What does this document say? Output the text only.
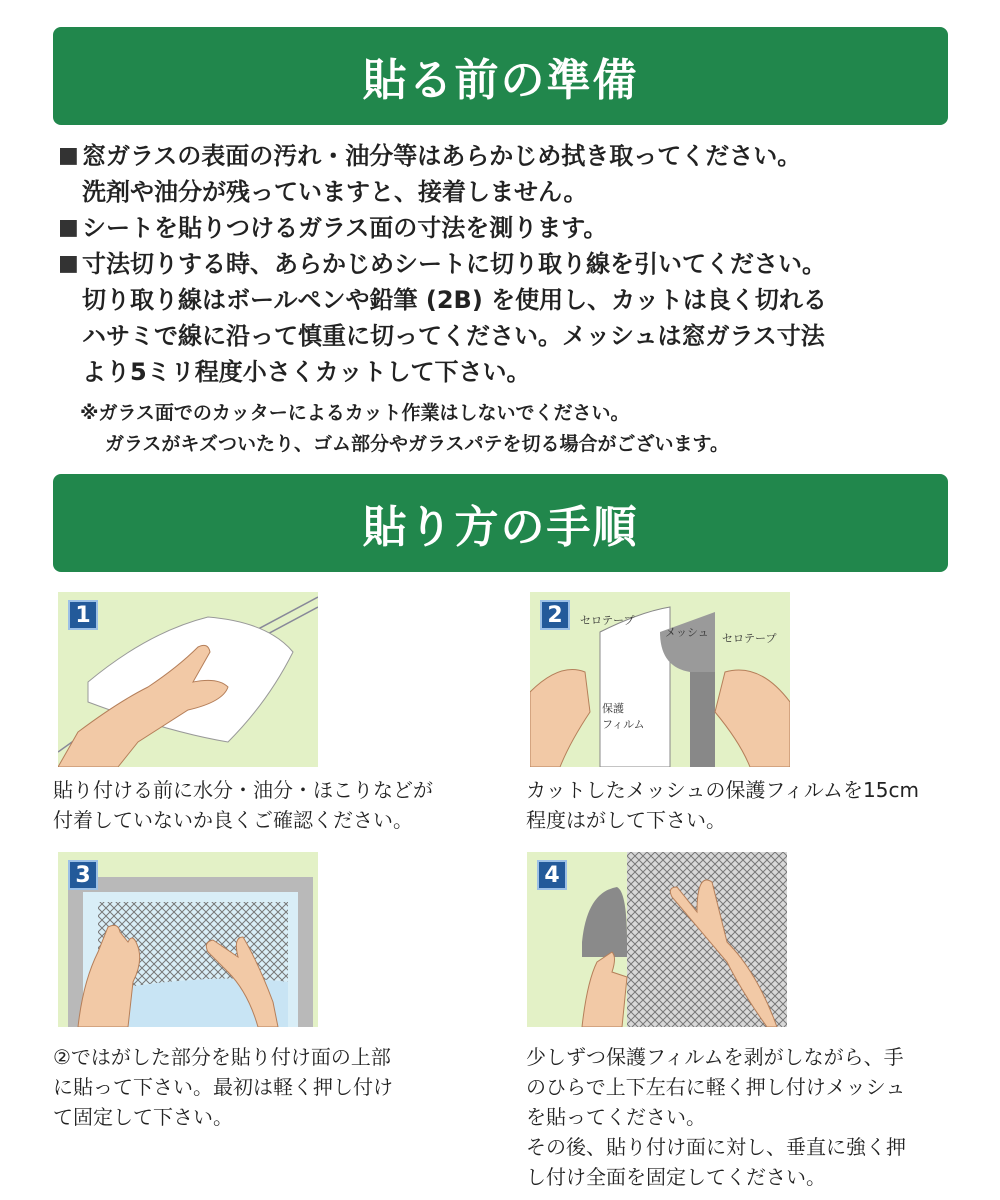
貼る前の準備
■ 窓ガラスの表面の汚れ・油分等はあらかじめ拭き取ってください。
洗剤や油分が残っていますと、接着しません。
■ シートを貼りつけるガラス面の寸法を測ります。
■ 寸法切りする時、あらかじめシートに切り取り線を引いてください。
切り取り線はボールペンや鉛筆 (2B) を使用し、カットは良く切れる
ハサミで線に沿って慎重に切ってください。メッシュは窓ガラス寸法
より5ミリ程度小さくカットして下さい。
※ガラス面でのカッターによるカット作業はしないでください。
ガラスがキズついたり、ゴム部分やガラスパテを切る場合がございます。
貼り方の手順
1
貼り付ける前に水分・油分・ほこりなどが
付着していないか良くご確認ください。
2	セロテープ
メッシュ セロテープ
保護
フィルム
カットしたメッシュの保護フィルムを15cm
程度はがして下さい。
3
②ではがした部分を貼り付け面の上部
に貼って下さい。最初は軽く押し付け
て固定して下さい。
4
少しずつ保護フィルムを剥がしながら、手
のひらで上下左右に軽く押し付けメッシュ
を貼ってください。
その後、貼り付け面に対し、垂直に強く押
し付け全面を固定してください。
